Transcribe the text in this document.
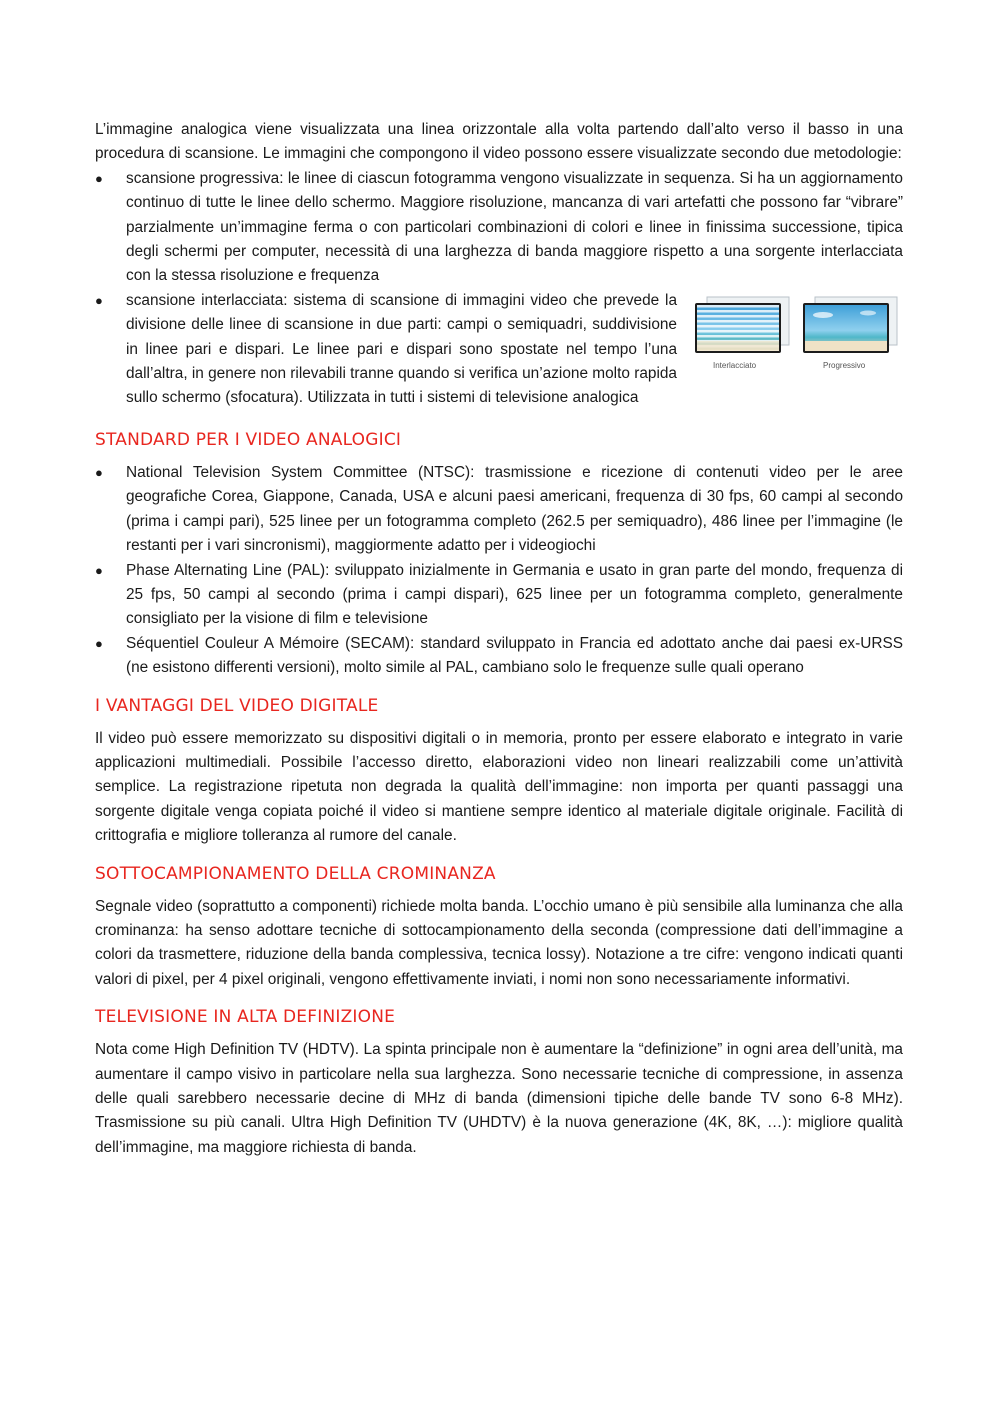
L’immagine analogica viene visualizzata una linea orizzontale alla volta partendo dall’alto verso il basso in una procedura di scansione. Le immagini che compongono il video possono essere visualizzate secondo due metodologie:

● scansione progressiva: le linee di ciascun fotogramma vengono visualizzate in sequenza. Si ha un aggiornamento continuo di tutte le linee dello schermo. Maggiore risoluzione, mancanza di vari artefatti che possono far “vibrare” parzialmente un’immagine ferma o con particolari combinazioni di colori e linee in finissima successione, tipica degli schermi per computer, necessità di una larghezza di banda maggiore rispetto a una sorgente interlacciata con la stessa risoluzione e frequenza
●
Interlacciato	Progressivo
scansione interlacciata: sistema di scansione di immagini video che prevede la divisione delle linee di scansione in due parti: campi o semiquadri, suddivisione in linee pari e dispari. Le linee pari e dispari sono spostate nel tempo l’una dall’altra, in genere non rilevabili tranne quando si verifica un’azione molto rapida sullo schermo (sfocatura). Utilizzata in tutti i sistemi di televisione analogica
STANDARD PER I VIDEO ANALOGICI
● National Television System Committee (NTSC): trasmissione e ricezione di contenuti video per le aree geografiche Corea, Giappone, Canada, USA e alcuni paesi americani, frequenza di 30 fps, 60 campi al secondo (prima i campi pari), 525 linee per un fotogramma completo (262.5 per semiquadro), 486 linee per l’immagine (le restanti per i vari sincronismi), maggiormente adatto per i videogiochi
● Phase Alternating Line (PAL): sviluppato inizialmente in Germania e usato in gran parte del mondo, frequenza di 25 fps, 50 campi al secondo (prima i campi dispari), 625 linee per un fotogramma completo, generalmente consigliato per la visione di film e televisione
● Séquentiel Couleur A Mémoire (SECAM): standard sviluppato in Francia ed adottato anche dai paesi ex-URSS (ne esistono differenti versioni), molto simile al PAL, cambiano solo le frequenze sulle quali operano
I VANTAGGI DEL VIDEO DIGITALE

Il video può essere memorizzato su dispositivi digitali o in memoria, pronto per essere elaborato e integrato in varie applicazioni multimediali. Possibile l’accesso diretto, elaborazioni video non lineari realizzabili come un’attività semplice. La registrazione ripetuta non degrada la qualità dell’immagine: non importa per quanti passaggi una sorgente digitale venga copiata poiché il video si mantiene sempre identico al materiale digitale originale. Facilità di crittografia e migliore tolleranza al rumore del canale.

SOTTOCAMPIONAMENTO DELLA CROMINANZA

Segnale video (soprattutto a componenti) richiede molta banda. L’occhio umano è più sensibile alla luminanza che alla crominanza: ha senso adottare tecniche di sottocampionamento della seconda (compressione dati dell’immagine a colori da trasmettere, riduzione della banda complessiva, tecnica lossy). Notazione a tre cifre: vengono indicati quanti valori di pixel, per 4 pixel originali, vengono effettivamente inviati, i nomi non sono necessariamente informativi.

TELEVISIONE IN ALTA DEFINIZIONE

Nota come High Definition TV (HDTV). La spinta principale non è aumentare la “definizione” in ogni area dell’unità, ma aumentare il campo visivo in particolare nella sua larghezza. Sono necessarie tecniche di compressione, in assenza delle quali sarebbero necessarie decine di MHz di banda (dimensioni tipiche delle bande TV sono 6-8 MHz). Trasmissione su più canali. Ultra High Definition TV (UHDTV) è la nuova generazione (4K, 8K, …): migliore qualità dell’immagine, ma maggiore richiesta di banda.
